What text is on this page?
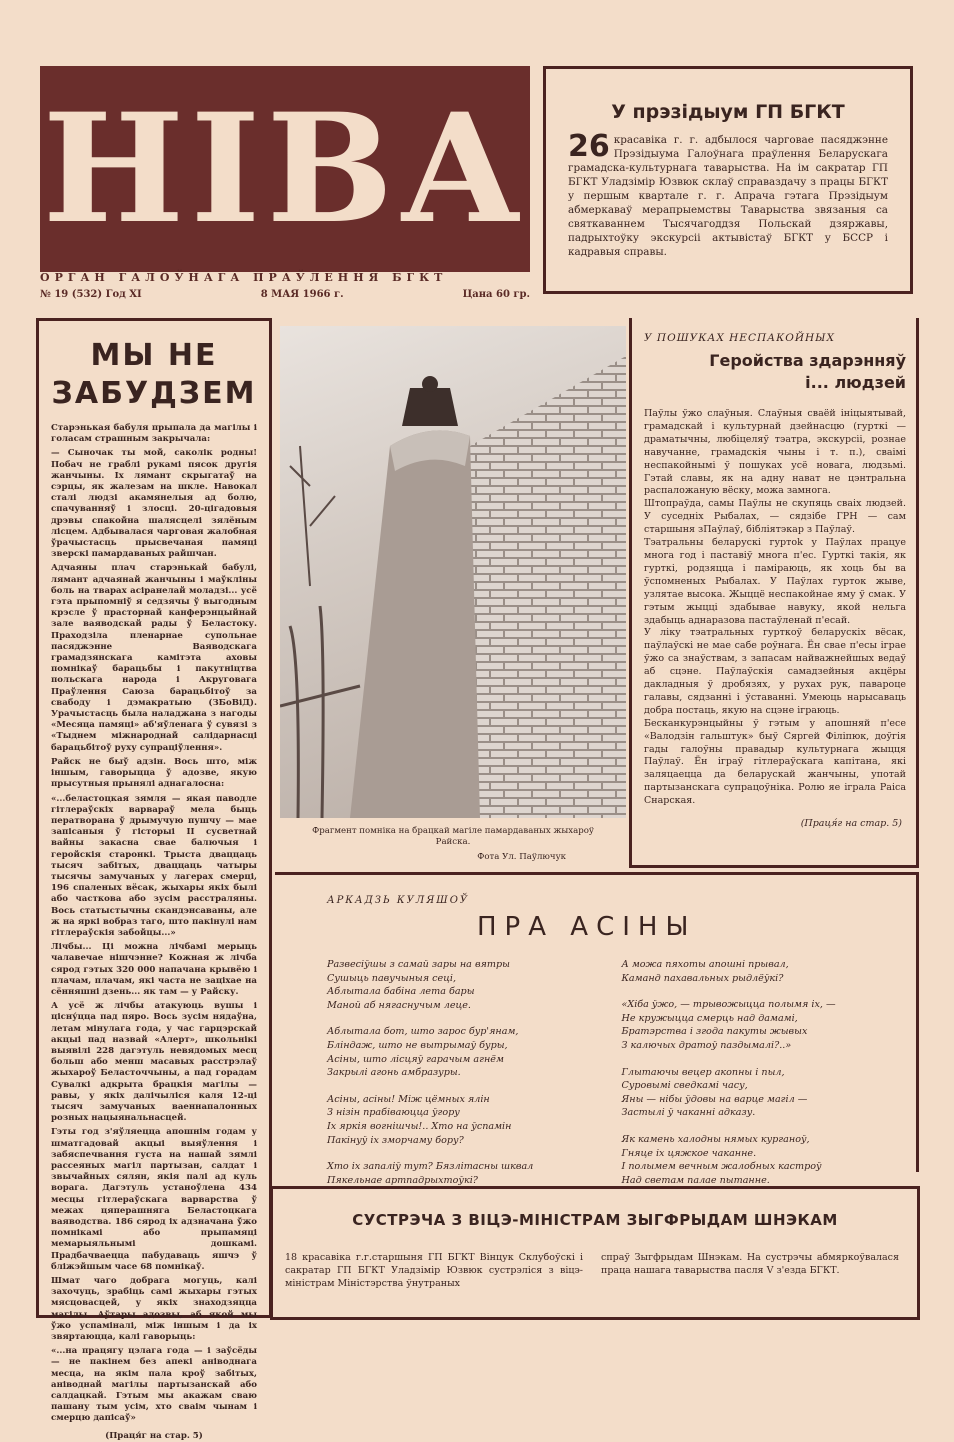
НІВА
ОРГАН ГАЛОЎНАГА ПРАЎЛЕННЯ БГКТ
№ 19 (532) Год XI	8 МАЯ 1966 г.	Цана 60 гр.
У прэзідыум ГП БГКТ

26 красавіка г. г. адбылося чарговае пасяджэнне Прэзідыума Галоўнага праўлення Беларускага грамадска-культурнага таварыства. На ім сакратар ГП БГКТ Уладзімір Юзвюк склаў справаздачу з працы БГКТ у першым квартале г. г. Апрача гэтага Прэзідыум абмеркаваў мерапрыемствы Таварыства звязаныя са святкаваннем Тысячагоддзя Польскай дзяржавы, падрыхтоўку экскурсіі актывістаў БГКТ у БССР і кадравыя справы.

МЫ НЕ
ЗАБУДЗЕМ

Старэнькая бабуля прыпала да магілы і голасам страшным закрычала:

— Сыночак ты мой, саколік родны! Побач не граблі рукамі пясок другія жанчыны. Іх лямант скрыгатаў на сэрцы, як жалезам на шкле. Навокал сталі людзі акамянелыя ад болю, спачуванняў і злосці. 20-цігадовыя дрэвы спакойна шалясцелі зялёным лісцем. Адбывалася чарговая жалобная ўрачыстасць прысвечаная памяці зверскі памардаваных райшчан.

Адчаяны плач старэнькай бабулі, лямант адчаянай жанчыны і маўкліны боль на тварах асіранелай моладзі... усё гэта прыпомніў я седзячы ў выгодным крэсле ў прасторнай канферэнцыйнай зале ваяводскай рады ў Беластоку. Праходзіла пленарнае супольнае пасяджэнне Ваяводскага грамадзянскага камітэта аховы помнікаў барацьбы і пакутніцтва польскага народа і Акруговага Праўлення Саюза барацьбітоў за свабоду і дэмакратыю (ЗБоВіД). Урачыстасць была наладжана з нагоды «Месяца памяці» аб'яўленага ў сувязі з «Тыднем міжнароднай салідарнасці барацьбітоў руху супраціўлення».

Райск не быў адзін. Вось што, між іншым, гаворыцца ў адозве, якую прысутныя прынялі аднагалосна:

«...беластоцкая зямля — якая паводле гітлераўскіх варвараў мела быць ператворана ў дрымучую пушчу — мае запісаныя ў гісторыі II сусветнай вайны закасна свае балючыя і геройскія старонкі. Трыста дваццаць тысяч забітых, дваццаць чатыры тысячы замучаных у лагерах смерці, 196 спаленых вёсак, жыхары якіх былі або часткова або зусім расстраляны. Вось статыстычны скандэнсаваны, але ж на яркі вобраз таго, што пакінулі нам гітлераўскія забойцы...»

Лічбы... Ці можна лічбамі мерыць чалавечае нішчэнне? Кожная ж лічба сярод гэтых 320 000 напачана крывёю і плачам, плачам, які часта не заціхае на сённяшні дзень... як там — у Райску.

А усё ж лічбы атакуюць вушы і цісну́цца пад пяро. Вось зусім нядаўна, летам мінулага года, у час гарцэрскай акцыі пад назвай «Алерт», школьнікі выявілі 228 дагэтуль невядомых месц больш або менш масавых расстрэлаў жыхароў Беласточчыны, а пад горадам Сувалкі адкрыта брацкія магілы — равы, у якіх далічыліся каля 12-ці тысяч замучаных ваеннапалонных розных нацыянальнасцей.

Гэты год з'яўляецца апошнім годам у шматгадовай акцыі выяўлення і забяспечвання густа на нашай зямлі рассеяных магіл партызан, салдат і звычайных сялян, якія палі ад куль ворага. Дагэтуль устаноўлена 434 месцы гітлераўскага варварства ў межах цяперашняга Беластоцкага ваяводства. 186 сярод іх адзначана ўжо помнікамі або прыпамяці мемарыяльнымі дошкамі. Прадбачваецца пабудаваць яшчэ ў бліжэйшым часе 68 помнікаў.

Шмат чаго добрага могуць, калі захочуць, зрабіць самі жыхары гэтых мясцовасцей, у якіх знаходзяцца магілы. Аўтары адозвы, аб якой мы ўжо успаміналі, між іншым і да іх звяртаюцца, калі гаворыць:

«...на працягу цэлага года — і заўсёды — не пакінем без апекі аніводнага месца, на якім пала кроў забітых, аніводнай магілы партызанскай або салдацкай. Гэтым мы акажам сваю пашану тым усім, хто сваім чынам і смерцю дапісаў»

(Праця́г на стар. 5)

Фрагмент помніка на брацкай магіле памардаваных жыхароў Райска.
Фота Ул. Паўлючук
У ПОШУКАХ НЕСПАКОЙНЫХ
Геройства здарэнняў
і... людзей

Паўлы ўжо слаўныя. Слаўныя сваёй ініцыятывай, грамадскай і культурнай дзейнасцю (гурткі — драматычны, любіцеляў тэатра, экскурсіі, рознае навучанне, грамадскія чыны і т. п.), свaімі неспакойнымі ў пошуках усё новага, людзьмі. Гэтай славы, як на адну нават не цэнтральна распаложаную вёску, можа замнога.

Штопраўда, самы Паўлы не скупяць сваіх людзей. У суседніх Рыбалах, — сядзібе ГРН — сам старшыня зПаўлаў, бібліятэкар з Паўлаў.

Тэатральны беларускі гуртok у Паўлах працуе многа год і паставіў многа п'ес. Гурткі такія, як гурткі, родзяцца і паміраюць, як хоць бы ва ўспомненых Рыбалах. У Паўлах гурток жыве, узлятае высока. Жыццё неспакойнае яму ў смак. У гэтым жыцці здабывае навуку, якой нельга здабыць аднаразова пастаўленай п'есай.

У ліку тэатральных гурткоў беларускіх вёсак, паўлаўскі не мае сабе роўнага. Ён свае п'есы іграе ўжо са знаўствам, з запасам найважнейшых ведаў аб сцэне. Паўлаўскія самадзейныя акцёры дакладныя ў дробязях, у рухах рук, павароце галавы, сядзанні і ўставанні. Умеюць нарысаваць добра постаць, якую на сцэне іграюць.

Бесканкурэнцыйны ў гэтым у апошняй п'есе «Валодзін гальштук» быў Сяргей Філіпюк, доўгія гады галоўны правадыр культурнага жыцця Паўлаў. Ён іграў гітлераўскага капітана, які заляцаецца да беларускай жанчыны, употай партызанскага супрацоўніка. Ролю яе іграла Раіса Снарская.

(Праця́г на стар. 5)
АРКАДЗЬ КУЛЯШОЎ
ПРА АСІНЫ
Развесіўшы з самай зары на вятры
Сушыць павучыныя сеці,
Аблытала бабіна лета бары
Маной аб нягаснучым леце.
Аблытала бот, што зарос бур'янам,
Бліндаж, што не вытрымаў буры,
Асіны, што лісцяў гарачым агнём
Закрылі агонь амбразуры.
Асіны, асіны! Між цёмных ялін
З нізін прабіваюцца ўгору
Іх яркія вогнішчы!.. Хто на ўспамін
Пакінуў іх зморчаму бору?
Хто іх запаліў тут? Бязлітасны шквал
Пякельнае артпадрыхтоўкі?
А можа пяхоты апошні прывал,
Камaнд пахавальных рыдлёўкі?
«Хіба ўжо, — трывожыцца полымя іх, —
Не кружыцца смерць над дамамі,
Братэрства і згода пакуты жывых
З калючых дратоў паздымалі?..»
Глытаючы вецер акопны і пыл,
Суровымі сведкамі часу,
Яны — нібы ўдовы на варце магіл —
Застылі ў чаканні адказу.
Як камень халодны нямых курганоў,
Гняце іх цяжкое чаканне.
І полымем вечным жалобных кастроў
Над светам палае пытанне.
СУСТРЭЧА З ВІЦЭ-МІНІСТРАМ ЗЫГФРЫДАМ ШНЭКАМ

18 красавіка г.г.старшыня ГП БГКТ Вінцук Склубоўскі і сакратар ГП БГКТ Уладзімір Юзвюк сустрэліся з віцэ-міністрам Міністэрства ўнутраных

спраў Зыгфрыдам Шнэкам. На сустрэчы абмяркоўвалася праца нашага таварыства пасля V з'езда БГКТ.
